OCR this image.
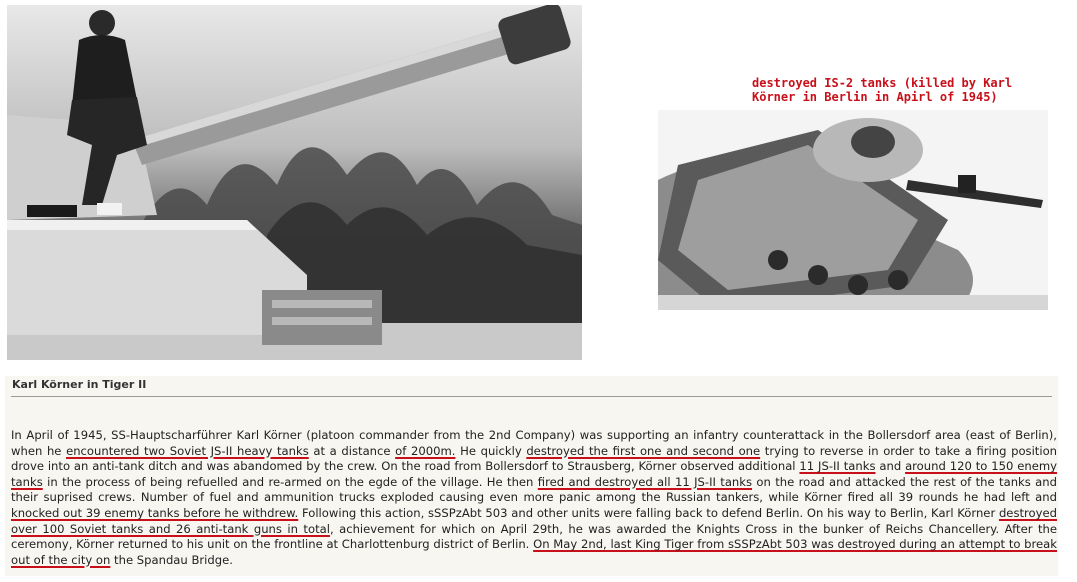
destroyed IS-2 tanks (killed by Karl
Körner in Berlin in Apirl of 1945)
Karl Körner in Tiger II
In April of 1945, SS-Hauptscharführer Karl Körner (platoon commander from the 2nd Company) was supporting an infantry counterattack in the Bollersdorf area (east of Berlin), when he encountered two Soviet JS-II heavy tanks at a distance of 2000m. He quickly destroyed the first one and second one trying to reverse in order to take a firing position drove into an anti-tank ditch and was abandomed by the crew. On the road from Bollersdorf to Strausberg, Körner observed additional 11 JS-II tanks and around 120 to 150 enemy tanks in the process of being refuelled and re-armed on the egde of the village. He then fired and destroyed all 11 JS-II tanks on the road and attacked the rest of the tanks and their suprised crews. Number of fuel and ammunition trucks exploded causing even more panic among the Russian tankers, while Körner fired all 39 rounds he had left and knocked out 39 enemy tanks before he withdrew. Following this action, sSSPzAbt 503 and other units were falling back to defend Berlin. On his way to Berlin, Karl Körner destroyed over 100 Soviet tanks and 26 anti-tank guns in total, achievement for which on April 29th, he was awarded the Knights Cross in the bunker of Reichs Chancellery. After the ceremony, Körner returned to his unit on the frontline at Charlottenburg district of Berlin. On May 2nd, last King Tiger from sSSPzAbt 503 was destroyed during an attempt to break out of the city on the Spandau Bridge.
